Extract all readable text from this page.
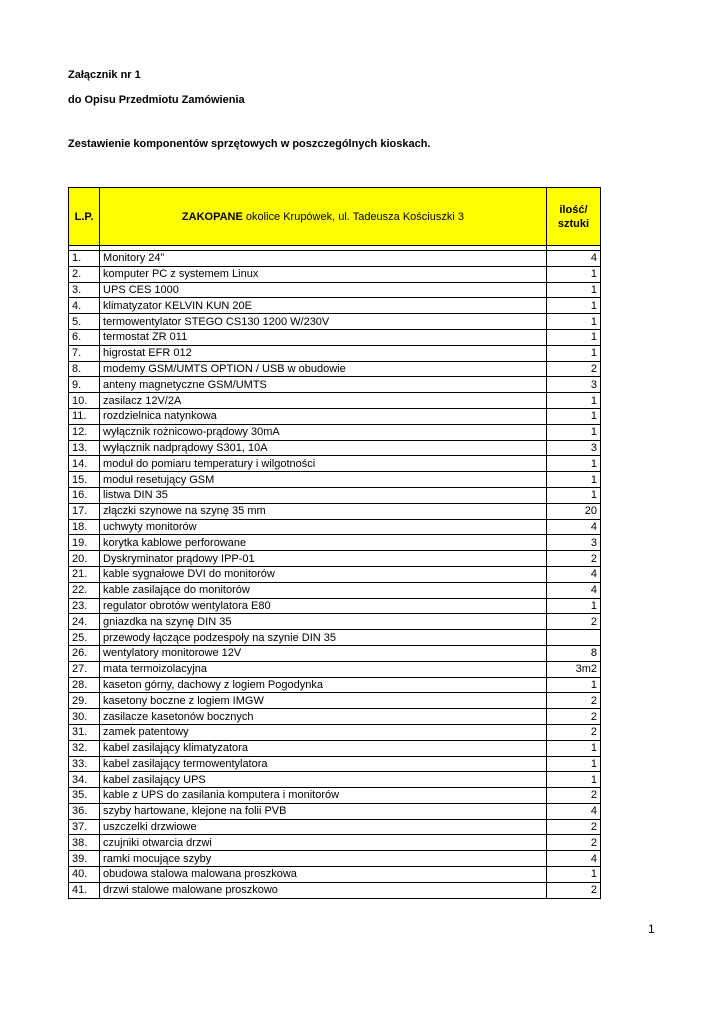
Załącznik nr 1
do Opisu Przedmiotu Zamówienia
Zestawienie komponentów sprzętowych w poszczególnych kioskach.
L.P.	ZAKOPANE okolice Krupówek, ul. Tadeusza Kościuszki 3	ilość/
sztuki

1.	Monitory 24”	4
2.	komputer PC z systemem Linux	1
3.	UPS CES 1000	1
4.	klimatyzator KELVIN KUN 20E	1
5.	termowentylator STEGO CS130 1200 W/230V	1
6.	termostat ZR 011	1
7.	higrostat EFR 012	1
8.	modemy GSM/UMTS OPTION / USB w obudowie	2
9.	anteny magnetyczne GSM/UMTS	3
10.	zasilacz 12V/2A	1
11.	rozdzielnica natynkowa	1
12.	wyłącznik rożnicowo-prądowy 30mA	1
13.	wyłącznik nadprądowy S301, 10A	3
14.	moduł do pomiaru temperatury i wilgotności	1
15.	moduł resetujący GSM	1
16.	listwa DIN 35	1
17.	złączki szynowe na szynę 35 mm	20
18.	uchwyty monitorów	4
19.	korytka kablowe perforowane	3
20.	Dyskryminator prądowy IPP-01	2
21.	kable sygnałowe DVI do monitorów	4
22.	kable zasilające do monitorów	4
23.	regulator obrotów wentylatora E80	1
24.	gniazdka na szynę DIN 35	2
25.	przewody łączące podzespoły na szynie DIN 35	
26.	wentylatory monitorowe 12V	8
27.	mata termoizolacyjna	3m2
28.	kaseton górny, dachowy z logiem Pogodynka	1
29.	kasetony boczne z logiem IMGW	2
30.	zasilacze kasetonów bocznych	2
31.	zamek patentowy	2
32.	kabel zasilający klimatyzatora	1
33.	kabel zasilający termowentylatora	1
34.	kabel zasilający UPS	1
35.	kable z UPS do zasilania komputera i monitorów	2
36.	szyby hartowane, klejone na folii PVB	4
37.	uszczelki drzwiowe	2
38.	czujniki otwarcia drzwi	2
39.	ramki mocujące szyby	4
40.	obudowa stalowa malowana proszkowa	1
41.	drzwi stalowe malowane proszkowo	2
1
